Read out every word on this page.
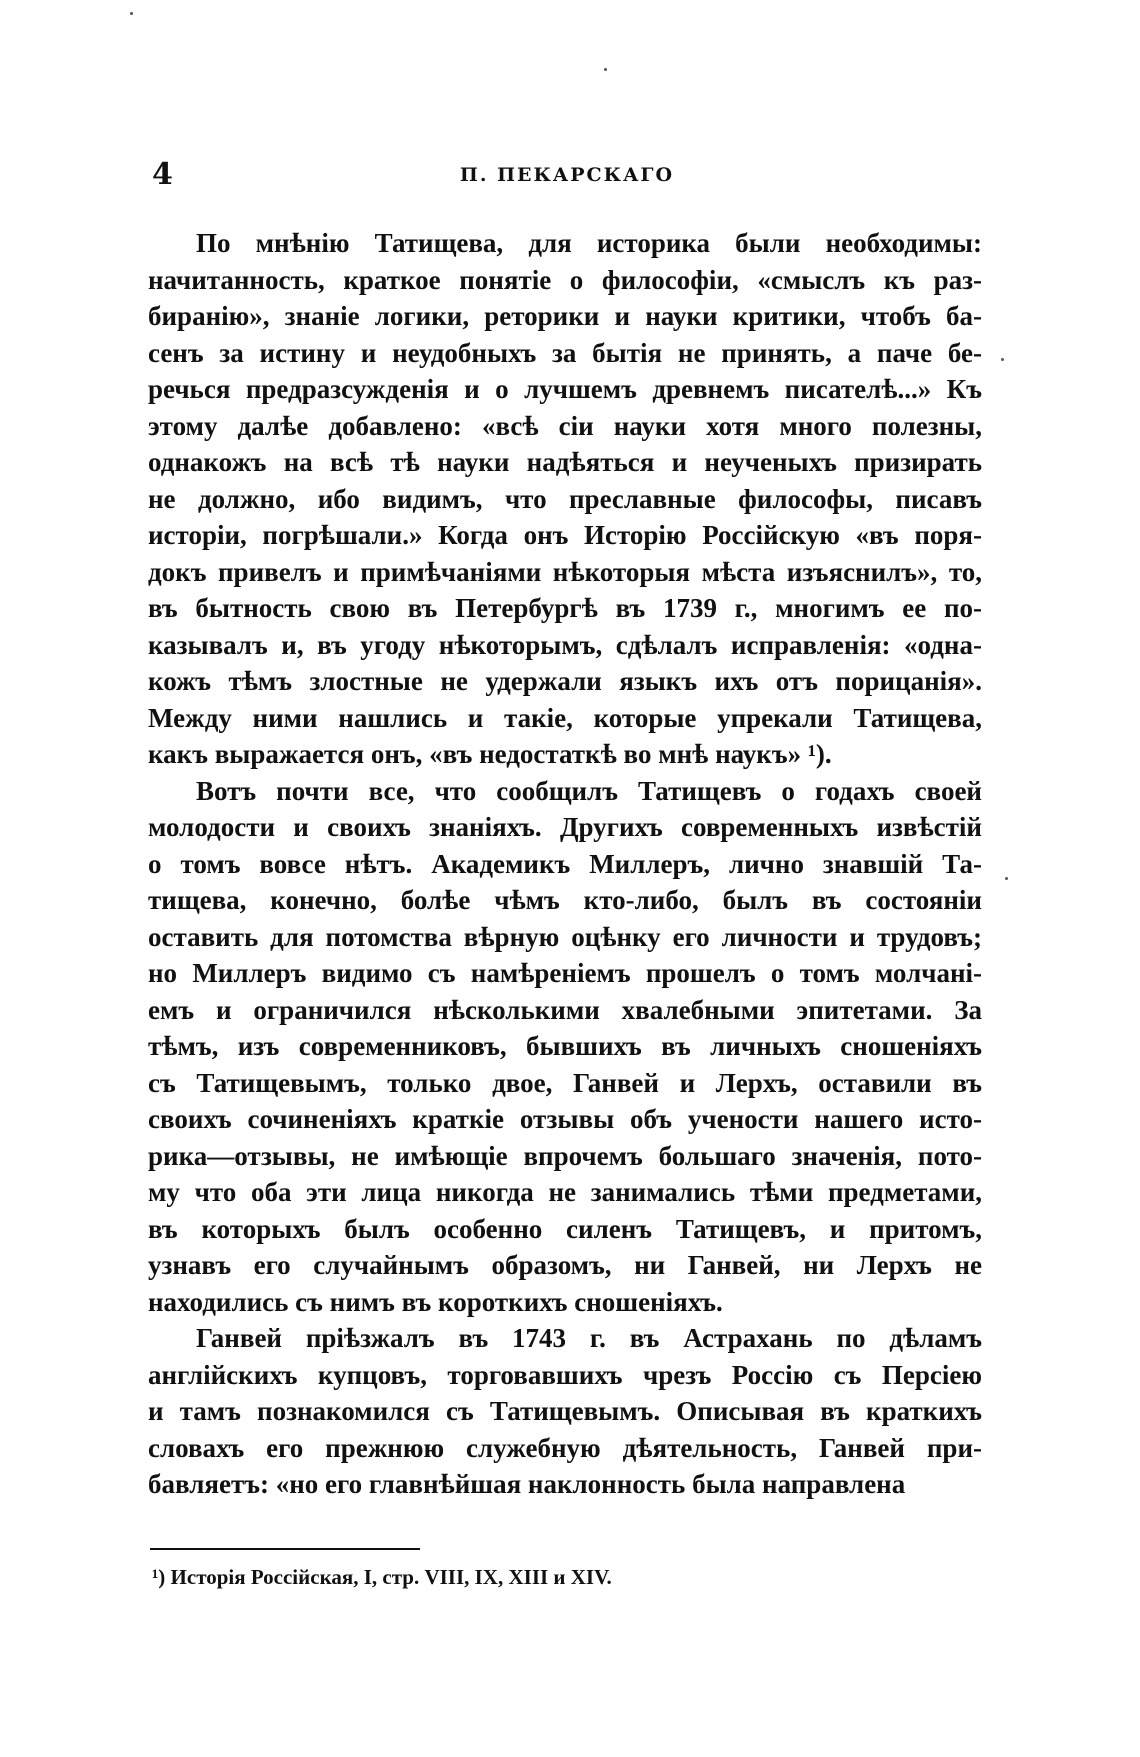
4	П. ПЕКАРСКАГО

По мнѣнію Татищева, для историка были необходимы:
начитанность, краткое понятіе о философіи, «смыслъ къ раз-
биранію», знаніе логики, реторики и науки критики, чтобъ ба-
сенъ за истину и неудобныхъ за бытія не принять, а паче бе-
речься предразсужденія и о лучшемъ древнемъ писателѣ...» Къ
этому далѣе добавлено: «всѣ сіи науки хотя много полезны,
однакожъ на всѣ тѣ науки надѣяться и неученыхъ призирать
не должно, ибо видимъ, что преславные философы, писавъ
исторіи, погрѣшали.» Когда онъ Исторію Россійскую «въ поря-
докъ привелъ и примѣчаніями нѣкоторыя мѣста изъяснилъ», то,
въ бытность свою въ Петербургѣ въ 1739 г., многимъ ее по-
казывалъ и, въ угоду нѣкоторымъ, сдѣлалъ исправленія: «одна-
кожъ тѣмъ злостные не удержали языкъ ихъ отъ порицанія».
Между ними нашлись и такіе, которые упрекали Татищева,
какъ выражается онъ, «въ недостаткѣ во мнѣ наукъ» ¹).

Вотъ почти все, что сообщилъ Татищевъ о годахъ своей
молодости и своихъ знаніяхъ. Другихъ современныхъ извѣстій
о томъ вовсе нѣтъ. Академикъ Миллеръ, лично знавшій Та-
тищева, конечно, болѣе чѣмъ кто-либо, былъ въ состояніи
оставить для потомства вѣрную оцѣнку его личности и трудовъ;
но Миллеръ видимо съ намѣреніемъ прошелъ о томъ молчані-
емъ и ограничился нѣсколькими хвалебными эпитетами. За
тѣмъ, изъ современниковъ, бывшихъ въ личныхъ сношеніяхъ
съ Татищевымъ, только двое, Ганвей и Лерхъ, оставили въ
своихъ сочиненіяхъ краткіе отзывы объ учености нашего исто-
рика—отзывы, не имѣющіе впрочемъ большаго значенія, пото-
му что оба эти лица никогда не занимались тѣми предметами,
въ которыхъ былъ особенно силенъ Татищевъ, и притомъ,
узнавъ его случайнымъ образомъ, ни Ганвей, ни Лерхъ не
находились съ нимъ въ короткихъ сношеніяхъ.

Ганвей пріѣзжалъ въ 1743 г. въ Астрахань по дѣламъ
англійскихъ купцовъ, торговавшихъ чрезъ Россію съ Персіею
и тамъ познакомился съ Татищевымъ. Описывая въ краткихъ
словахъ его прежнюю служебную дѣятельность, Ганвей при-
бавляетъ: «но его главнѣйшая наклонность была направлена

¹) Исторія Россійская, I, стр. VIII, IX, XIII и XIV.
